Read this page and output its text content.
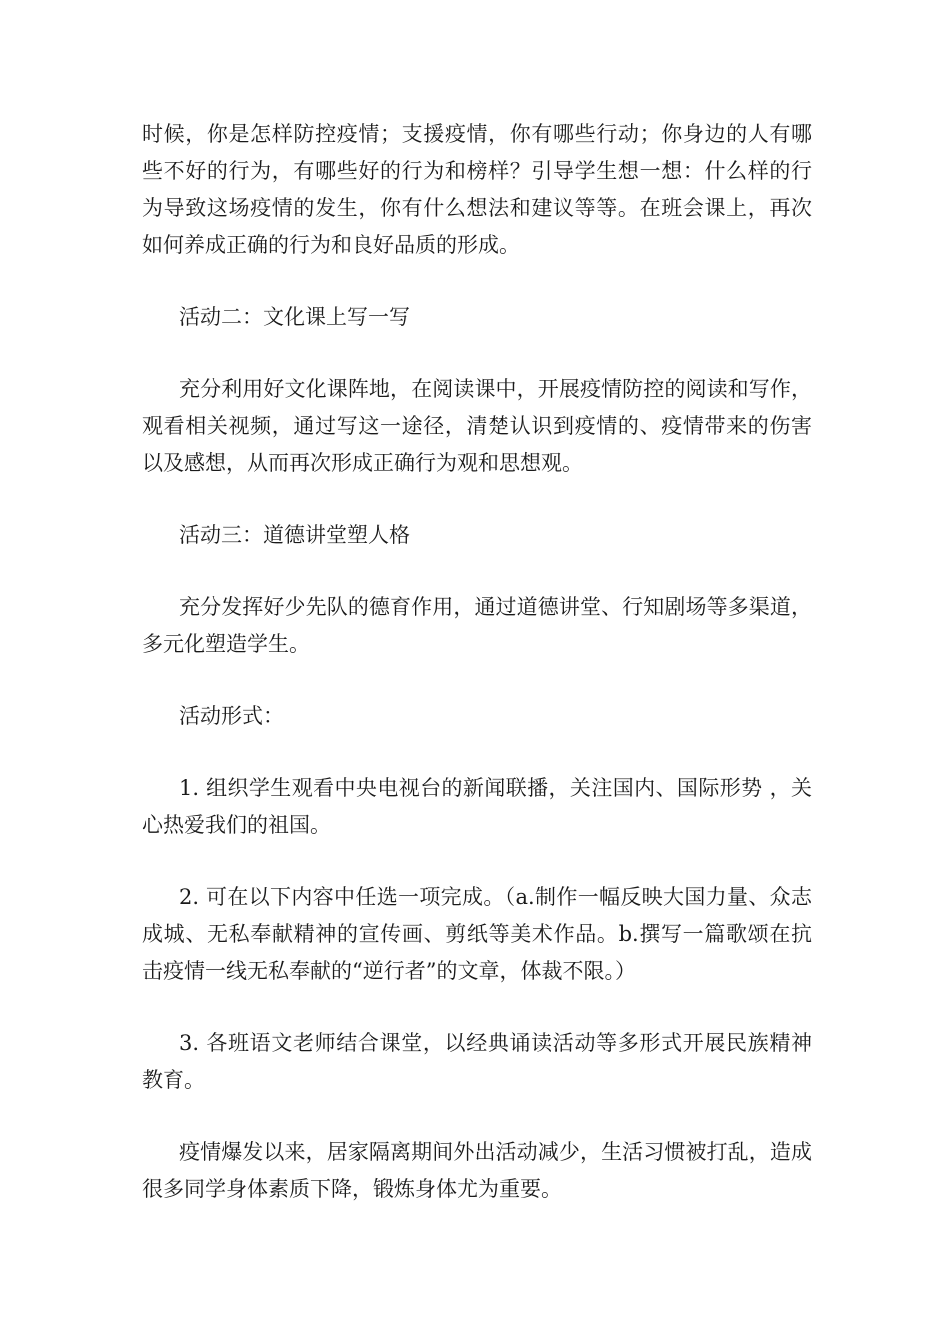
时候，你是怎样防控疫情；支援疫情，你有哪些行动；你身边的人有哪些不好的行为，有哪些好的行为和榜样？引导学生想一想：什么样的行为导致这场疫情的发生，你有什么想法和建议等等。在班会课上，再次如何养成正确的行为和良好品质的形成。

活动二：文化课上写一写

充分利用好文化课阵地，在阅读课中，开展疫情防控的阅读和写作，观看相关视频，通过写这一途径，清楚认识到疫情的、疫情带来的伤害以及感想，从而再次形成正确行为观和思想观。

活动三：道德讲堂塑人格

充分发挥好少先队的德育作用，通过道德讲堂、行知剧场等多渠道，多元化塑造学生。

活动形式：

1. 组织学生观看中央电视台的新闻联播，关注国内、国际形势 ，关心热爱我们的祖国。

2. 可在以下内容中任选一项完成。（a.制作一幅反映大国力量、众志成城、无私奉献精神的宣传画、剪纸等美术作品。b.撰写一篇歌颂在抗击疫情一线无私奉献的“逆行者”的文章，体裁不限。）

3. 各班语文老师结合课堂，以经典诵读活动等多形式开展民族精神教育。

疫情爆发以来，居家隔离期间外出活动减少，生活习惯被打乱，造成很多同学身体素质下降，锻炼身体尤为重要。
